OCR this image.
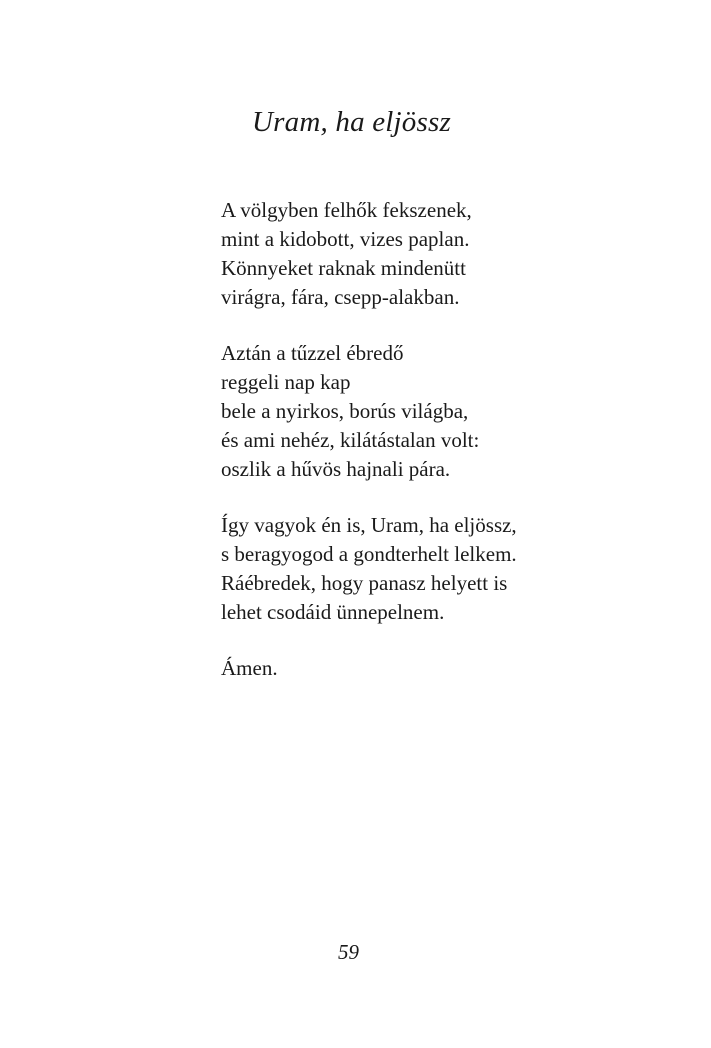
Uram, ha eljössz
A völgyben felhők fekszenek,
mint a kidobott, vizes paplan.
Könnyeket raknak mindenütt
virágra, fára, csepp-alakban.
Aztán a tűzzel ébredő
reggeli nap kap
bele a nyirkos, borús világba,
és ami nehéz, kilátástalan volt:
oszlik a hűvös hajnali pára.
Így vagyok én is, Uram, ha eljössz,
s beragyogod a gondterhelt lelkem.
Ráébredek, hogy panasz helyett is
lehet csodáid ünnepelnem.
Ámen.
59
